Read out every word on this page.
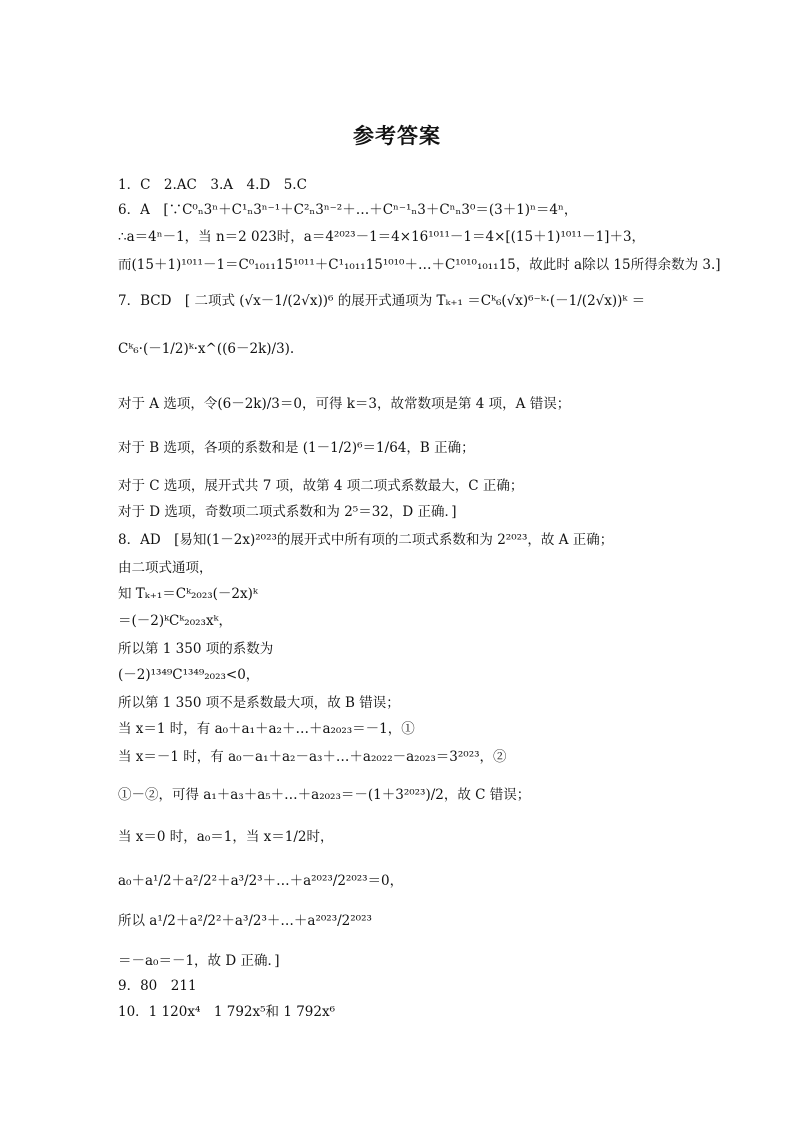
参考答案
1．C　2.AC　3.A　4.D　5.C
6．A　[∵C⁰ₙ3ⁿ＋C¹ₙ3ⁿ⁻¹＋C²ₙ3ⁿ⁻²＋…＋Cⁿ⁻¹ₙ3＋Cⁿₙ3⁰＝(3＋1)ⁿ＝4ⁿ，
∴a＝4ⁿ－1，当 n＝2 023时，a＝4²⁰²³－1＝4×16¹⁰¹¹－1＝4×[(15＋1)¹⁰¹¹－1]＋3，
而(15＋1)¹⁰¹¹－1＝C⁰₁₀₁₁15¹⁰¹¹＋C¹₁₀₁₁15¹⁰¹⁰＋…＋C¹⁰¹⁰₁₀₁₁15，故此时 a除以 15所得余数为 3.]
7．BCD　[ 二项式 (√x－1/(2√x))⁶ 的展开式通项为 Tₖ₊₁ ＝Cᵏ₆(√x)⁶⁻ᵏ·(－1/(2√x))ᵏ ＝
Cᵏ₆·(－1/2)ᵏ·x^((6－2k)/3).
对于 A 选项，令(6－2k)/3＝0，可得 k＝3，故常数项是第 4 项，A 错误；
对于 B 选项，各项的系数和是 (1－1/2)⁶＝1/64，B 正确；
对于 C 选项，展开式共 7 项，故第 4 项二项式系数最大，C 正确；
对于 D 选项，奇数项二项式系数和为 2⁵＝32，D 正确．]
8．AD　[易知(1－2x)²⁰²³的展开式中所有项的二项式系数和为 2²⁰²³，故 A 正确；
由二项式通项，
知 Tₖ₊₁＝Cᵏ₂₀₂₃(－2x)ᵏ
＝(－2)ᵏCᵏ₂₀₂₃xᵏ，
所以第 1 350 项的系数为
(－2)¹³⁴⁹C¹³⁴⁹₂₀₂₃<0，
所以第 1 350 项不是系数最大项，故 B 错误；
当 x＝1 时，有 a₀＋a₁＋a₂＋…＋a₂₀₂₃＝－1，①
当 x＝－1 时，有 a₀－a₁＋a₂－a₃＋…＋a₂₀₂₂－a₂₀₂₃＝3²⁰²³，②
①－②，可得 a₁＋a₃＋a₅＋…＋a₂₀₂₃＝－(1＋3²⁰²³)/2，故 C 错误；
当 x＝0 时，a₀＝1，当 x＝1/2时，
a₀＋a¹/2＋a²/2²＋a³/2³＋…＋a²⁰²³/2²⁰²³＝0，
所以 a¹/2＋a²/2²＋a³/2³＋…＋a²⁰²³/2²⁰²³
＝－a₀＝－1，故 D 正确．]
9．80　211
10．1 120x⁴　1 792x⁵和 1 792x⁶
